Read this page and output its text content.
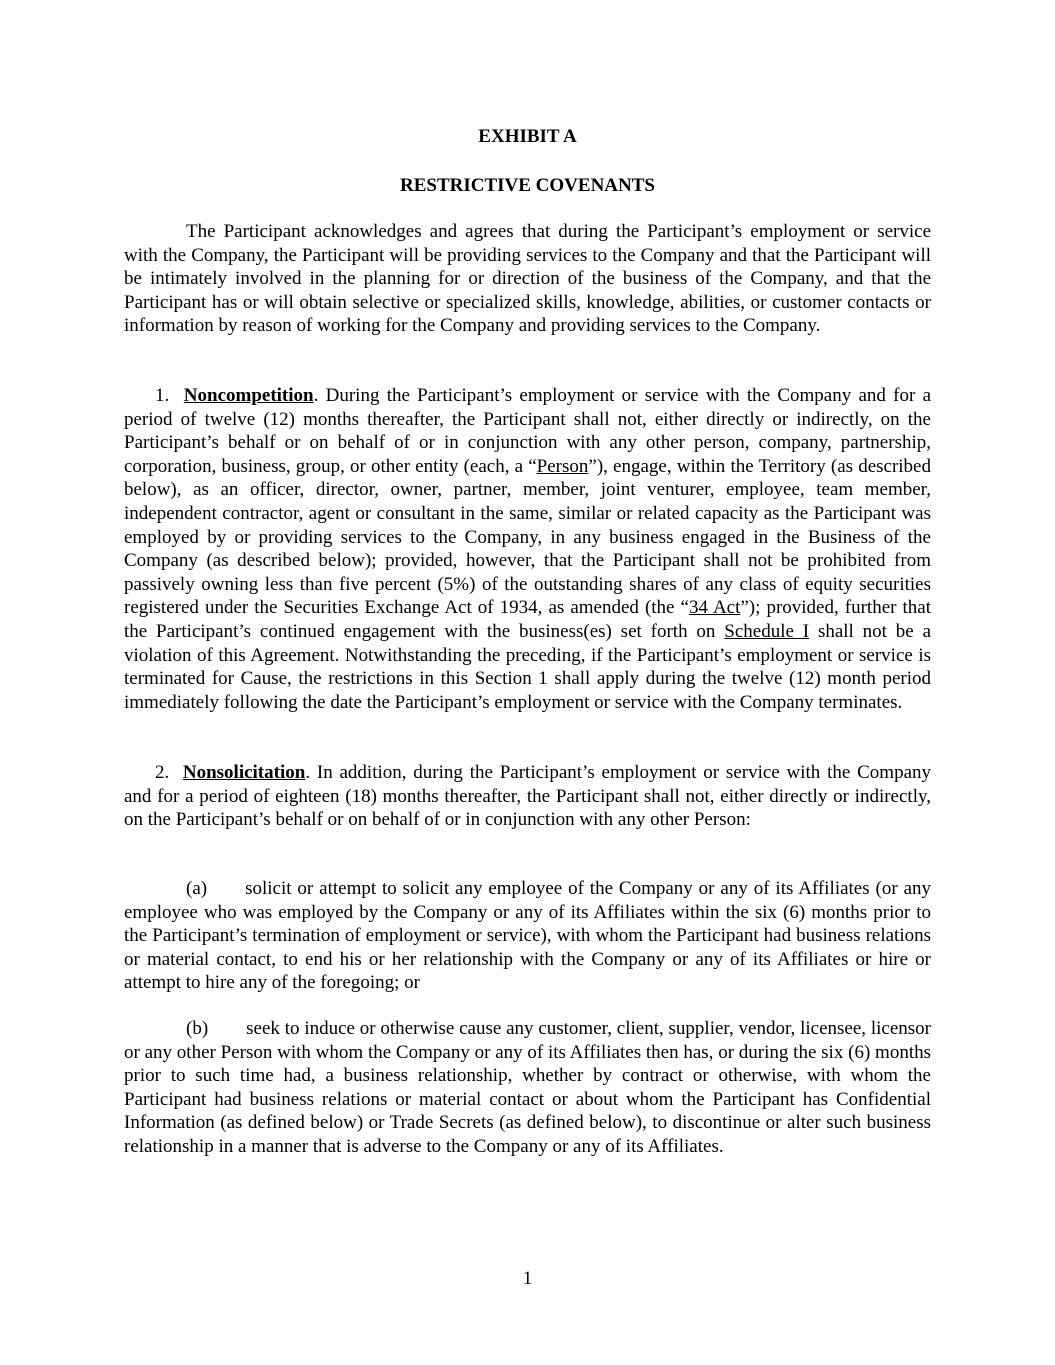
EXHIBIT A
RESTRICTIVE COVENANTS

The Participant acknowledges and agrees that during the Participant’s employment or service with the Company, the Participant will be providing services to the Company and that the Participant will be intimately involved in the planning for or direction of the business of the Company, and that the Participant has or will obtain selective or specialized skills, knowledge, abilities, or customer contacts or information by reason of working for the Company and providing services to the Company.

1. Noncompetition. During the Participant’s employment or service with the Company and for a period of twelve (12) months thereafter, the Participant shall not, either directly or indirectly, on the Participant’s behalf or on behalf of or in conjunction with any other person, company, partnership, corporation, business, group, or other entity (each, a “Person”), engage, within the Territory (as described below), as an officer, director, owner, partner, member, joint venturer, employee, team member, independent contractor, agent or consultant in the same, similar or related capacity as the Participant was employed by or providing services to the Company, in any business engaged in the Business of the Company (as described below); provided, however, that the Participant shall not be prohibited from passively owning less than five percent (5%) of the outstanding shares of any class of equity securities registered under the Securities Exchange Act of 1934, as amended (the “34 Act”); provided, further that the Participant’s continued engagement with the business(es) set forth on Schedule I shall not be a violation of this Agreement. Notwithstanding the preceding, if the Participant’s employment or service is terminated for Cause, the restrictions in this Section 1 shall apply during the twelve (12) month period immediately following the date the Participant’s employment or service with the Company terminates.

2. Nonsolicitation. In addition, during the Participant’s employment or service with the Company and for a period of eighteen (18) months thereafter, the Participant shall not, either directly or indirectly, on the Participant’s behalf or on behalf of or in conjunction with any other Person:

(a) solicit or attempt to solicit any employee of the Company or any of its Affiliates (or any employee who was employed by the Company or any of its Affiliates within the six (6) months prior to the Participant’s termination of employment or service), with whom the Participant had business relations or material contact, to end his or her relationship with the Company or any of its Affiliates or hire or attempt to hire any of the foregoing; or

(b) seek to induce or otherwise cause any customer, client, supplier, vendor, licensee, licensor or any other Person with whom the Company or any of its Affiliates then has, or during the six (6) months prior to such time had, a business relationship, whether by contract or otherwise, with whom the Participant had business relations or material contact or about whom the Participant has Confidential Information (as defined below) or Trade Secrets (as defined below), to discontinue or alter such business relationship in a manner that is adverse to the Company or any of its Affiliates.

1
